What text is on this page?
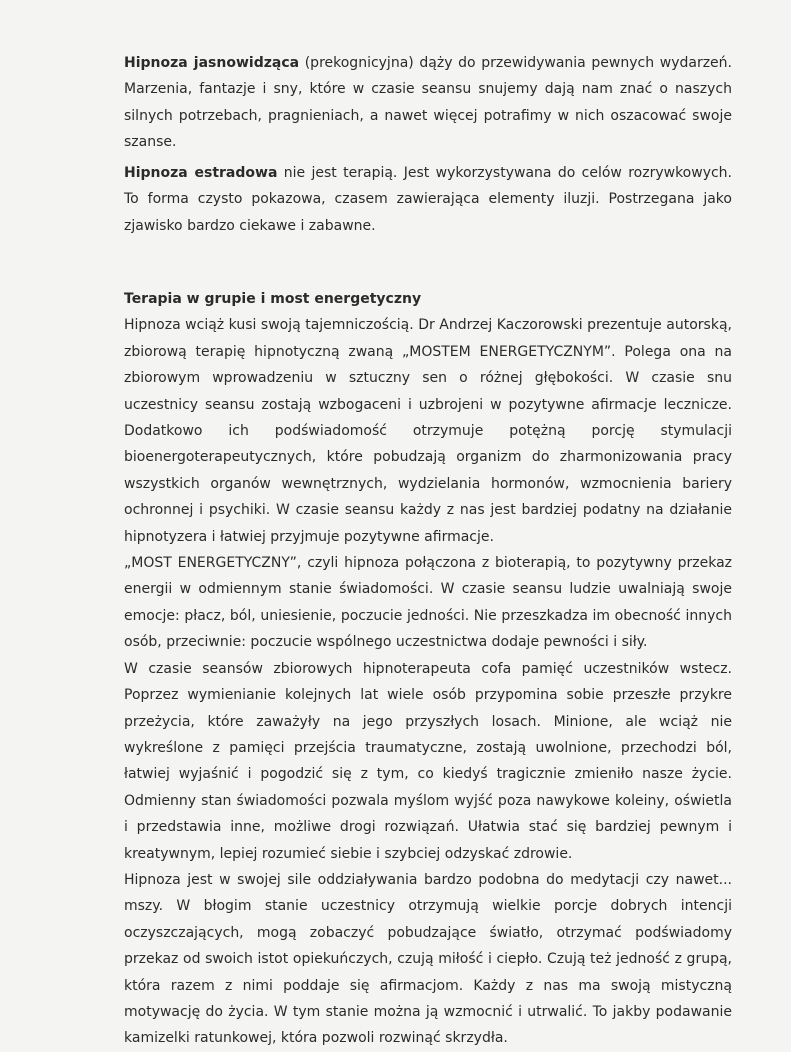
Hipnoza jasnowidząca (prekognicyjna) dąży do przewidywania pewnych wydarzeń. Marzenia, fantazje i sny, które w czasie seansu snujemy dają nam znać o naszych silnych potrzebach, pragnieniach, a nawet więcej potrafimy w nich oszacować swoje szanse.

Hipnoza estradowa nie jest terapią. Jest wykorzystywana do celów rozrywkowych. To forma czysto pokazowa, czasem zawierająca elementy iluzji. Postrzegana jako zjawisko bardzo ciekawe i zabawne.

Terapia w grupie i most energetyczny

Hipnoza wciąż kusi swoją tajemniczością. Dr Andrzej Kaczorowski prezentuje autorską, zbiorową terapię hipnotyczną zwaną „MOSTEM ENERGETYCZNYM”. Polega ona na zbiorowym wprowadzeniu w sztuczny sen o różnej głębokości. W czasie snu uczestnicy seansu zostają wzbogaceni i uzbrojeni w pozytywne afirmacje lecznicze. Dodatkowo ich podświadomość otrzymuje potężną porcję stymulacji bioenergoterapeutycznych, które pobudzają organizm do zharmonizowania pracy wszystkich organów wewnętrznych, wydzielania hormonów, wzmocnienia bariery ochronnej i psychiki. W czasie seansu każdy z nas jest bardziej podatny na działanie hipnotyzera i łatwiej przyjmuje pozytywne afirmacje.

„MOST ENERGETYCZNY”, czyli hipnoza połączona z bioterapią, to pozytywny przekaz energii w odmiennym stanie świadomości. W czasie seansu ludzie uwalniają swoje emocje: płacz, ból, uniesienie, poczucie jedności. Nie przeszkadza im obecność innych osób, przeciwnie: poczucie wspólnego uczestnictwa dodaje pewności i siły.

W czasie seansów zbiorowych hipnoterapeuta cofa pamięć uczestników wstecz. Poprzez wymienianie kolejnych lat wiele osób przypomina sobie przeszłe przykre przeżycia, które zaważyły na jego przyszłych losach. Minione, ale wciąż nie wykreślone z pamięci przejścia traumatyczne, zostają uwolnione, przechodzi ból, łatwiej wyjaśnić i pogodzić się z tym, co kiedyś tragicznie zmieniło nasze życie. Odmienny stan świadomości pozwala myślom wyjść poza nawykowe koleiny, oświetla i przedstawia inne, możliwe drogi rozwiązań. Ułatwia stać się bardziej pewnym i kreatywnym, lepiej rozumieć siebie i szybciej odzyskać zdrowie.

Hipnoza jest w swojej sile oddziaływania bardzo podobna do medytacji czy nawet... mszy. W błogim stanie uczestnicy otrzymują wielkie porcje dobrych intencji oczyszczających, mogą zobaczyć pobudzające światło, otrzymać podświadomy przekaz od swoich istot opiekuńczych, czują miłość i ciepło. Czują też jedność z grupą, która razem z nimi poddaje się afirmacjom. Każdy z nas ma swoją mistyczną motywację do życia. W tym stanie można ją wzmocnić i utrwalić. To jakby podawanie kamizelki ratunkowej, która pozwoli rozwinąć skrzydła.
